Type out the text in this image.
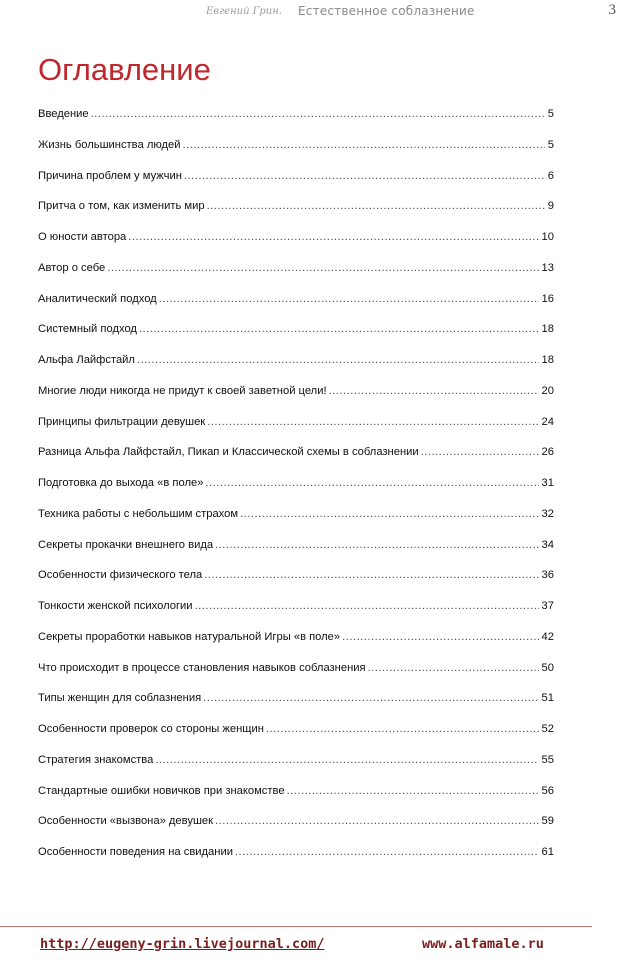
Евгений Грин. Естественное соблазнение	3
Оглавление
Введение .....	5
Жизнь большинства людей .....	5
Причина проблем у мужчин .....	6
Притча о том, как изменить мир .....	9
О юности автора .....	10
Автор о себе .....	13
Аналитический подход .....	16
Системный подход .....	18
Альфа Лайфстайл .....	18
Многие люди никогда не придут к своей заветной цели! .....	20
Принципы фильтрации девушек .....	24
Разница Альфа Лайфстайл, Пикап и Классической схемы в соблазнении .....	26
Подготовка до выхода «в поле» .....	31
Техника работы с небольшим страхом .....	32
Секреты прокачки внешнего вида .....	34
Особенности физического тела .....	36
Тонкости женской психологии .....	37
Секреты проработки навыков натуральной Игры «в поле» .....	42
Что происходит в процессе становления навыков соблазнения .....	50
Типы женщин для соблазнения .....	51
Особенности проверок со стороны женщин .....	52
Стратегия знакомства .....	55
Стандартные ошибки новичков при знакомстве .....	56
Особенности «вызвона» девушек .....	59
Особенности поведения на свидании .....	61
http://eugeny-grin.livejournal.com/	www.alfamale.ru
